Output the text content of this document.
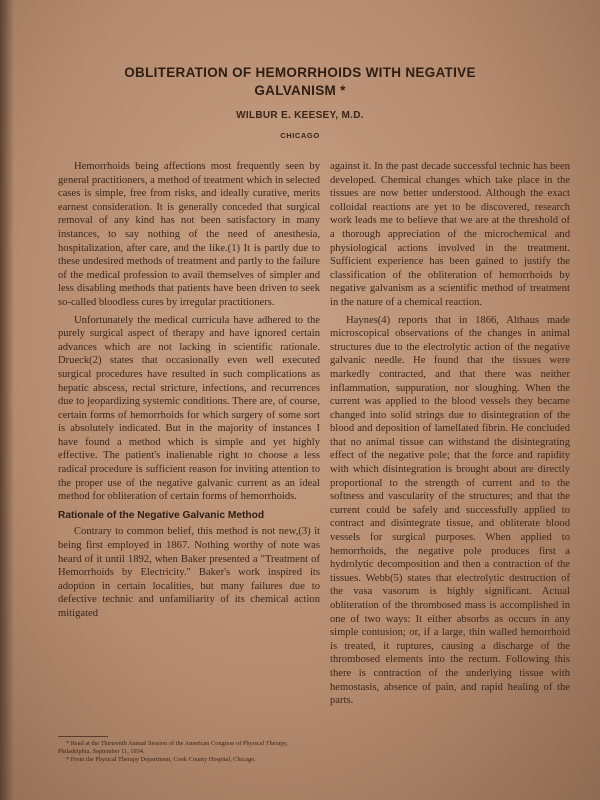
OBLITERATION OF HEMORRHOIDS WITH NEGATIVE
GALVANISM *
WILBUR E. KEESEY, M.D.
CHICAGO

Hemorrhoids being affections most frequently seen by general practitioners, a method of treatment which in selected cases is simple, free from risks, and ideally curative, merits earnest consideration. It is generally conceded that surgical removal of any kind has not been satisfactory in many instances, to say nothing of the need of anesthesia, hospitalization, after care, and the like.(1) It is partly due to these undesired methods of treatment and partly to the failure of the medical profession to avail themselves of simpler and less disabling methods that patients have been driven to seek so-called bloodless cures by irregular practitioners.

Unfortunately the medical curricula have adhered to the purely surgical aspect of therapy and have ignored certain advances which are not lacking in scientific rationale. Drueck(2) states that occasionally even well executed surgical procedures have resulted in such complications as hepatic abscess, rectal stricture, infections, and recurrences due to jeopardizing systemic conditions. There are, of course, certain forms of hemorrhoids for which surgery of some sort is absolutely indicated. But in the majority of instances I have found a method which is simple and yet highly effective. The patient's inalienable right to choose a less radical procedure is sufficient reason for inviting attention to the proper use of the negative galvanic current as an ideal method for obliteration of certain forms of hemorrhoids.

Rationale of the Negative Galvanic Method

Contrary to common belief, this method is not new,(3) it being first employed in 1867. Nothing worthy of note was heard of it until 1892, when Baker presented a "Treatment of Hemorrhoids by Electricity." Baker's work inspired its adoption in certain localities, but many failures due to defective technic and unfamiliarity of its chemical action mitigated

against it. In the past decade successful technic has been developed. Chemical changes which take place in the tissues are now better understood. Although the exact colloidal reactions are yet to be discovered, research work leads me to believe that we are at the threshold of a thorough appreciation of the microchemical and physiological actions involved in the treatment. Sufficient experience has been gained to justify the classification of the obliteration of hemorrhoids by negative galvanism as a scientific method of treatment in the nature of a chemical reaction.

Haynes(4) reports that in 1866, Althaus made microscopical observations of the changes in animal structures due to the electrolytic action of the negative galvanic needle. He found that the tissues were markedly contracted, and that there was neither inflammation, suppuration, nor sloughing. When the current was applied to the blood vessels they became changed into solid strings due to disintegration of the blood and deposition of lamellated fibrin. He concluded that no animal tissue can withstand the disintegrating effect of the negative pole; that the force and rapidity with which disintegration is brought about are directly proportional to the strength of current and to the softness and vascularity of the structures; and that the current could be safely and successfully applied to contract and disintegrate tissue, and obliterate blood vessels for surgical purposes. When applied to hemorrhoids, the negative pole produces first a hydrolytic decomposition and then a contraction of the tissues. Webb(5) states that electrolytic destruction of the vasa vasorum is highly significant. Actual obliteration of the thrombosed mass is accomplished in one of two ways: It either absorbs as occurs in any simple contusion; or, if a large, thin walled hemorrhoid is treated, it ruptures, causing a discharge of the thrombosed elements into the rectum. Following this there is contraction of the underlying tissue with hemostasis, absence of pain, and rapid healing of the parts.

* Read at the Thirteenth Annual Session of the American Congress of Physical Therapy, Philadelphia, September 11, 1934.
* From the Physical Therapy Department, Cook County Hospital, Chicago.
